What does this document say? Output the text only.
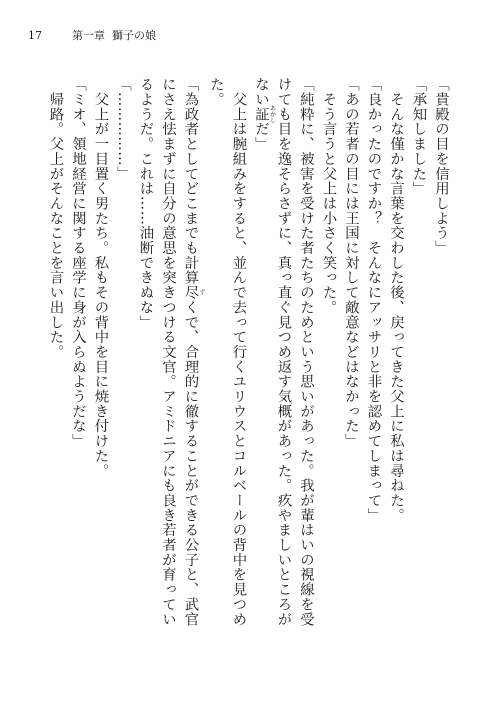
17	第一章 獅子の娘

「貴殿の目を信用しよう」

「承知しました」

　そんな僅かな言葉を交わした後、戻ってきた父上に私は尋ねた。

「良かったのですか？　そんなにアッサリと非を認めてしまって」

「あの若者の目には王国に対して敵意などはなかった」

　そう言うと父上は小さく笑った。

「純粋に、被害を受けた者たちのためという思いがあった。我が輩はいの視線を受けても目を逸そらさずに、真っ直ぐ見つめ返す気概があった。疚やましいところがない証 あかしだ」

　父上は腕組みをすると、並んで去って行くユリウスとコルベールの背中を見つめた。

「為政者としてどこまでも計算尽 ずくで、合理的に徹することができる公子と、武官にさえ怯まずに自分の意思を突きつける文官。アミドニアにも良き若者が育っているようだ。これは……油断できぬな」

「……………」

　父上が一目置く男たち。私もその背中を目に焼き付けた。

「ミオ、領地経営に関する座学に身が入らぬようだな」

　帰路。父上がそんなことを言い出した。
